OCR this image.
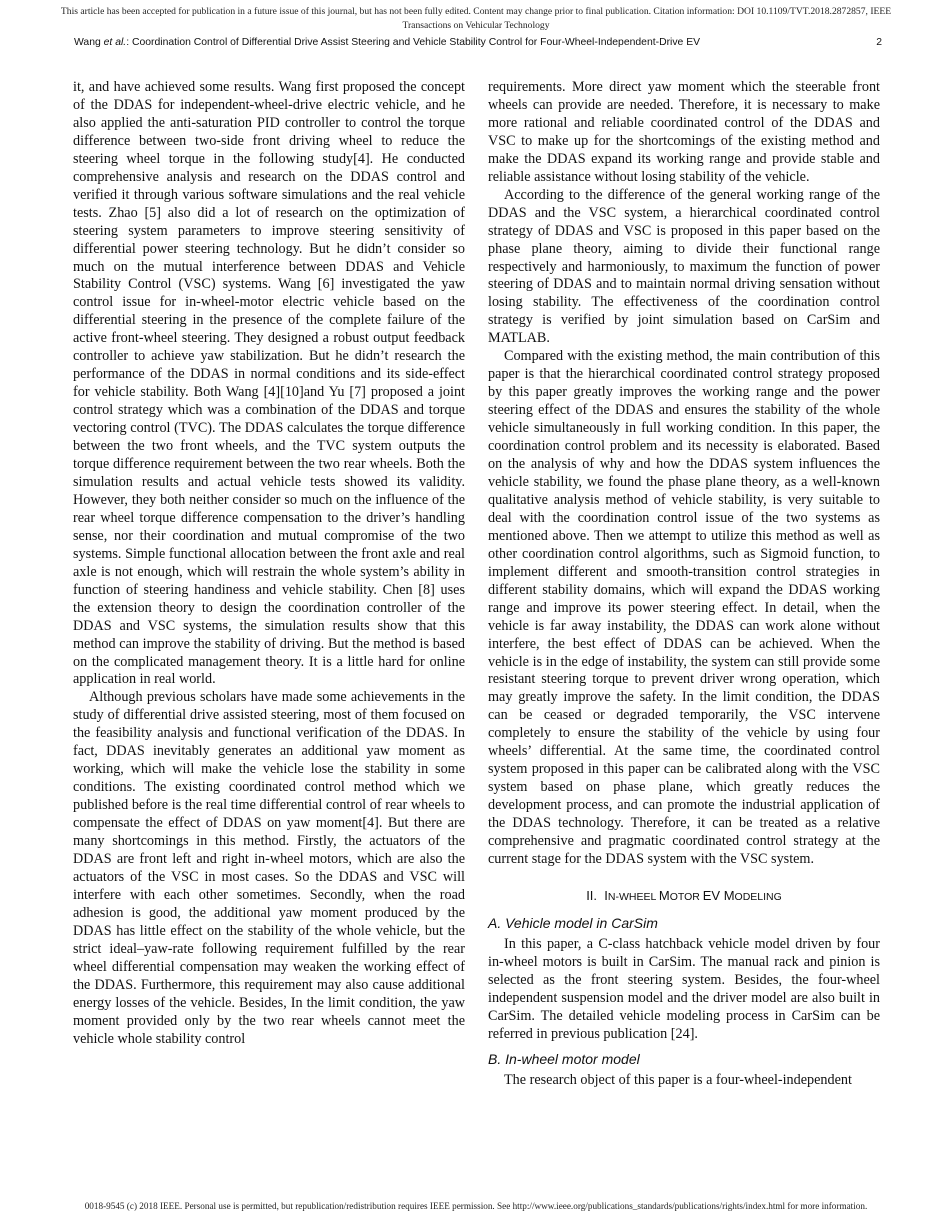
This article has been accepted for publication in a future issue of this journal, but has not been fully edited. Content may change prior to final publication. Citation information: DOI 10.1109/TVT.2018.2872857, IEEE
Transactions on Vehicular Technology
Wang et al.: Coordination Control of Differential Drive Assist Steering and Vehicle Stability Control for Four-Wheel-Independent-Drive EV	2

it, and have achieved some results. Wang first proposed the concept of the DDAS for independent-wheel-drive electric vehicle, and he also applied the anti-saturation PID controller to control the torque difference between two-side front driving wheel to reduce the steering wheel torque in the following study[4]. He conducted comprehensive analysis and research on the DDAS control and verified it through various software simulations and the real vehicle tests. Zhao [5] also did a lot of research on the optimization of steering system parameters to improve steering sensitivity of differential power steering technology. But he didn’t consider so much on the mutual interference between DDAS and Vehicle Stability Control (VSC) systems. Wang [6] investigated the yaw control issue for in-wheel-motor electric vehicle based on the differential steering in the presence of the complete failure of the active front-wheel steering. They designed a robust output feedback controller to achieve yaw stabilization. But he didn’t research the performance of the DDAS in normal conditions and its side-effect for vehicle stability. Both Wang [4][10]and Yu [7] proposed a joint control strategy which was a combination of the DDAS and torque vectoring control (TVC). The DDAS calculates the torque difference between the two front wheels, and the TVC system outputs the torque difference requirement between the two rear wheels. Both the simulation results and actual vehicle tests showed its validity. However, they both neither consider so much on the influence of the rear wheel torque difference compensation to the driver’s handling sense, nor their coordination and mutual compromise of the two systems. Simple functional allocation between the front axle and real axle is not enough, which will restrain the whole system’s ability in function of steering handiness and vehicle stability. Chen [8] uses the extension theory to design the coordination controller of the DDAS and VSC systems, the simulation results show that this method can improve the stability of driving. But the method is based on the complicated management theory. It is a little hard for online application in real world.

Although previous scholars have made some achievements in the study of differential drive assisted steering, most of them focused on the feasibility analysis and functional verification of the DDAS. In fact, DDAS inevitably generates an additional yaw moment as working, which will make the vehicle lose the stability in some conditions. The existing coordinated control method which we published before is the real time differential control of rear wheels to compensate the effect of DDAS on yaw moment[4]. But there are many shortcomings in this method. Firstly, the actuators of the DDAS are front left and right in-wheel motors, which are also the actuators of the VSC in most cases. So the DDAS and VSC will interfere with each other sometimes. Secondly, when the road adhesion is good, the additional yaw moment produced by the DDAS has little effect on the stability of the whole vehicle, but the strict ideal–yaw-rate following requirement fulfilled by the rear wheel differential compensation may weaken the working effect of the DDAS. Furthermore, this requirement may also cause additional energy losses of the vehicle. Besides, In the limit condition, the yaw moment provided only by the two rear wheels cannot meet the vehicle whole stability control

requirements. More direct yaw moment which the steerable front wheels can provide are needed. Therefore, it is necessary to make more rational and reliable coordinated control of the DDAS and VSC to make up for the shortcomings of the existing method and make the DDAS expand its working range and provide stable and reliable assistance without losing stability of the vehicle.

According to the difference of the general working range of the DDAS and the VSC system, a hierarchical coordinated control strategy of DDAS and VSC is proposed in this paper based on the phase plane theory, aiming to divide their functional range respectively and harmoniously, to maximum the function of power steering of DDAS and to maintain normal driving sensation without losing stability. The effectiveness of the coordination control strategy is verified by joint simulation based on CarSim and MATLAB.

Compared with the existing method, the main contribution of this paper is that the hierarchical coordinated control strategy proposed by this paper greatly improves the working range and the power steering effect of the DDAS and ensures the stability of the whole vehicle simultaneously in full working condition. In this paper, the coordination control problem and its necessity is elaborated. Based on the analysis of why and how the DDAS system influences the vehicle stability, we found the phase plane theory, as a well-known qualitative analysis method of vehicle stability, is very suitable to deal with the coordination control issue of the two systems as mentioned above. Then we attempt to utilize this method as well as other coordination control algorithms, such as Sigmoid function, to implement different and smooth-transition control strategies in different stability domains, which will expand the DDAS working range and improve its power steering effect. In detail, when the vehicle is far away instability, the DDAS can work alone without interfere, the best effect of DDAS can be achieved. When the vehicle is in the edge of instability, the system can still provide some resistant steering torque to prevent driver wrong operation, which may greatly improve the safety. In the limit condition, the DDAS can be ceased or degraded temporarily, the VSC intervene completely to ensure the stability of the vehicle by using four wheels’ differential. At the same time, the coordinated control system proposed in this paper can be calibrated along with the VSC system based on phase plane, which greatly reduces the development process, and can promote the industrial application of the DDAS technology. Therefore, it can be treated as a relative comprehensive and pragmatic coordinated control strategy at the current stage for the DDAS system with the VSC system.

II. IN-WHEEL MOTOR EV MODELING
A. Vehicle model in CarSim

In this paper, a C-class hatchback vehicle model driven by four in-wheel motors is built in CarSim. The manual rack and pinion is selected as the front steering system. Besides, the four-wheel independent suspension model and the driver model are also built in CarSim. The detailed vehicle modeling process in CarSim can be referred in previous publication [24].

B. In-wheel motor model

The research object of this paper is a four-wheel-independent

0018-9545 (c) 2018 IEEE. Personal use is permitted, but republication/redistribution requires IEEE permission. See http://www.ieee.org/publications_standards/publications/rights/index.html for more information.
